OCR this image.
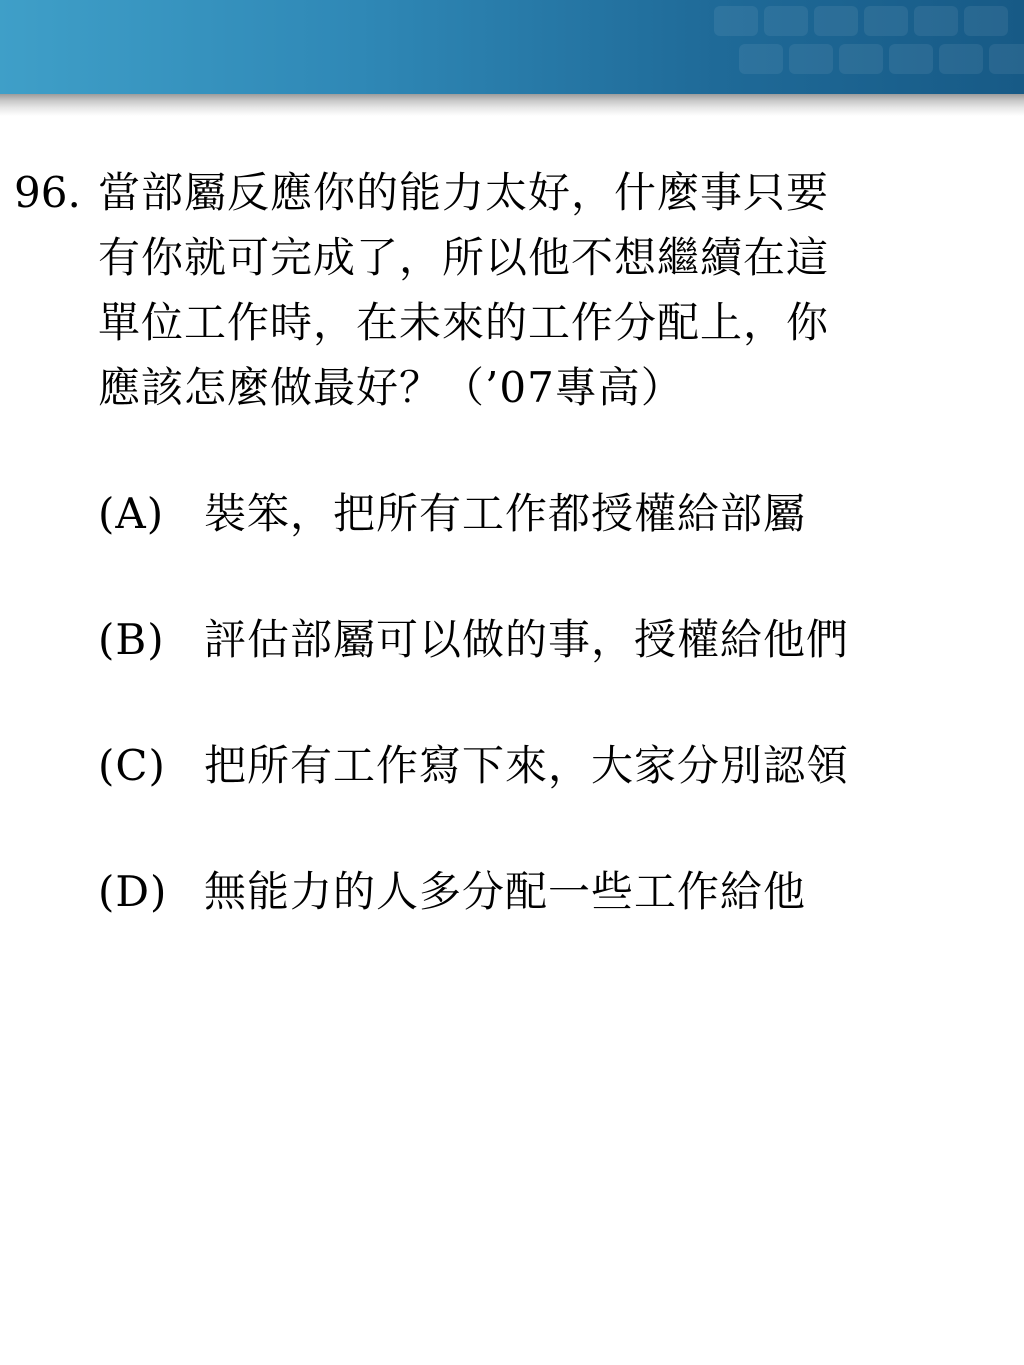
96. 當部屬反應你的能力太好，什麼事只要
有你就可完成了，所以他不想繼續在這
單位工作時，在未來的工作分配上，你
應該怎麼做最好？（’07專高）
(A) 裝笨，把所有工作都授權給部屬
(B) 評估部屬可以做的事，授權給他們
(C) 把所有工作寫下來，大家分別認領
(D) 無能力的人多分配一些工作給他
